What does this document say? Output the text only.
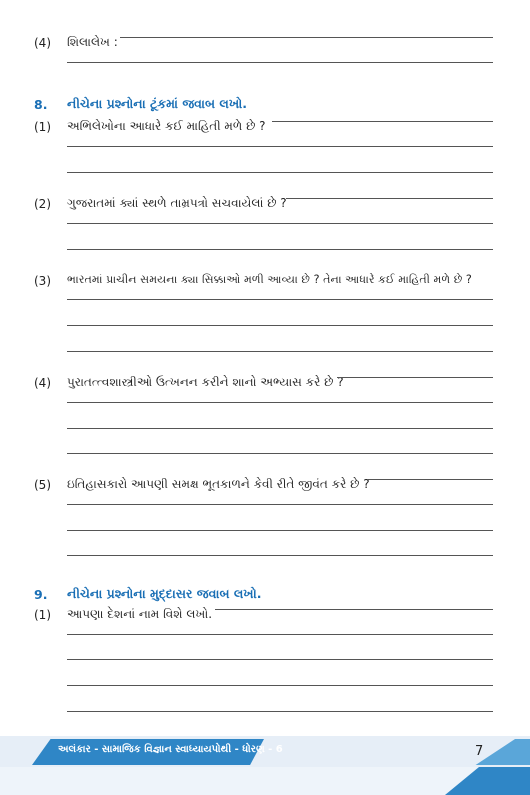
(4) શિલાલેખ :
8. નીચેના પ્રશ્નોના ટૂંકમાં જવાબ લખો.
(1) અભિલેખોના આધારે કઈ માહિતી મળે છે ?
(2) ગુજરાતમાં ક્યાં સ્થળે તામ્રપત્રો સચવાયેલાં છે ?
(3) ભારતમાં પ્રાચીન સમયના ક્યા સિક્કાઓ મળી આવ્યા છે ? તેના આધારે કઈ માહિતી મળે છે ?
(4) પુરાતત્ત્વશાસ્ત્રીઓ ઉત્ખનન કરીને શાનો અભ્યાસ કરે છે ?
(5) ઇતિહાસકારો આપણી સમક્ષ ભૂતકાળને કેવી રીતે જીવંત કરે છે ?
9. નીચેના પ્રશ્નોના મુદ્દાસર જવાબ લખો.
(1) આપણા દેશનાં નામ વિશે લખો.
અલંકાર - સામાજિક વિજ્ઞાન સ્વાધ્યાયપોથી - ધોરણ - 6	7
